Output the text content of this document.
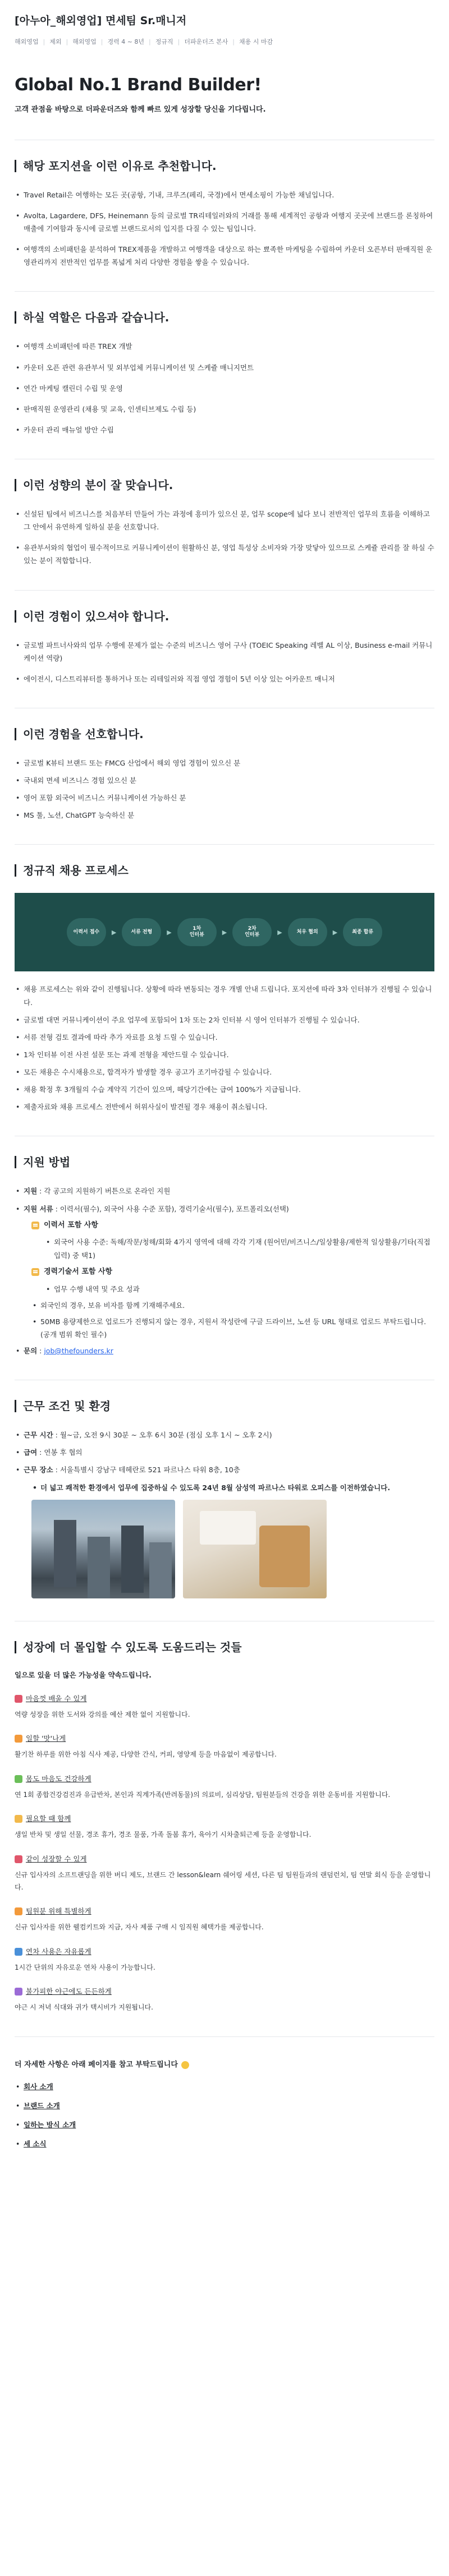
[아누아_해외영업] 면세팀 Sr.매니저
해외영업 | 제외 | 해외영업 | 경력 4 ~ 8년 | 정규직 | 더파운더즈 본사 | 채용 시 마감
Global No.1 Brand Builder!
고객 관점을 바탕으로 더파운더즈와 함께 빠르 있게 성장할 당신을 기다립니다.
해당 포지션을 이런 이유로 추천합니다.
• Travel Retail은 여행하는 모든 곳(공항, 기내, 크루즈(페리, 국경)에서 면세소핑이 가능한 채널입니다.
• Avolta, Lagardere, DFS, Heinemann 등의 글로벌 TR리테일러와의 거래를 통해 세계적인 공항과 여행지 곳곳에 브랜드를 론칭하여 매출에 기여함과 동시에 글로벌 브랜드로서의 입지를 다질 수 있는 팀입니다.
• 여행객의 소비패턴을 분석하여 TREX제품을 개발하고 여행객을 대상으로 하는 뾰족한 마케팅을 수립하여 카운터 오픈부터 판매직원 운영관리까지 전반적인 업무를 폭넓게 처리 다양한 경험을 쌓을 수 있습니다.
하실 역할은 다음과 같습니다.
• 여행객 소비패턴에 따른 TREX 개발
• 카운터 오픈 관련 유관부서 및 외부업체 커뮤니케이션 및 스케쥴 매니지먼트
• 연간 마케팅 캘린더 수립 및 운영
• 판매직원 운영관리 (채용 및 교육, 인센티브제도 수립 등)
• 카운터 관리 매뉴얼 방안 수립
이런 성향의 분이 잘 맞습니다.
• 신설된 팀에서 비즈니스를 처음부터 만들어 가는 과정에 흥미가 있으신 분, 업무 scope에 넓다 보니 전반적인 업무의 흐름을 이해하고 그 안에서 유연하게 일하실 분을 선호합니다.
• 유관부서와의 협업이 필수적이므로 커뮤니케이션이 원활하신 분, 영업 특성상 소비자와 가장 맞닿아 있으므로 스케쥴 관리를 잘 하실 수 있는 분이 적합합니다.
이런 경험이 있으셔야 합니다.
• 글로벌 파트너사와의 업무 수행에 문제가 없는 수준의 비즈니스 영어 구사 (TOEIC Speaking 레벨 AL 이상, Business e-mail 커뮤니케이션 역량)
• 에이전시, 디스트리뷰터를 통하거나 또는 리테일러와 직접 영업 경험이 5년 이상 있는 어카운트 매니저
이런 경험을 선호합니다.
• 글로벌 K뷰티 브랜드 또는 FMCG 산업에서 해외 영업 경험이 있으신 분
• 국내외 면세 비즈니스 경험 있으신 분
• 영어 포함 외국어 비즈니스 커뮤니케이션 가능하신 분
• MS 툴, 노션, ChatGPT 능숙하신 분
정규직 채용 프로세스
이력서 접수	▶	서류 전형	▶	1차
인터뷰	▶	2차
인터뷰	▶	처우 협의	▶	최종 합류
• 채용 프로세스는 위와 같이 진행됩니다. 상황에 따라 변동되는 경우 개별 안내 드립니다. 포지션에 따라 3차 인터뷰가 진행될 수 있습니다.
• 글로벌 대면 커뮤니케이션이 주요 업무에 포함되어 1차 또는 2차 인터뷰 시 영어 인터뷰가 진행될 수 있습니다.
• 서류 전형 검토 결과에 따라 추가 자료를 요청 드릴 수 있습니다.
• 1차 인터뷰 이전 사전 설문 또는 과제 전형을 제안드릴 수 있습니다.
• 모든 채용은 수시채용으로, 합격자가 발생할 경우 공고가 조기마감될 수 있습니다.
• 채용 확정 후 3개월의 수습 계약직 기간이 있으며, 해당기간에는 급여 100%가 지급됩니다.
• 제출자료와 채용 프로세스 전반에서 허위사실이 발견될 경우 채용이 취소됩니다.
지원 방법
• 지원 : 각 공고의 지원하기 버튼으로 온라인 지원
• 지원 서류 : 이력서(필수), 외국어 사용 수준 포함), 경력기술서(필수), 포트폴리오(선택)
이력서 포함 사항
• 외국어 사용 수준: 독해/작문/청해/회화 4가지 영역에 대해 각각 기재 (원어민/비즈니스/일상활용/제한적 일상활용/기타(직접 입력) 중 택1)
경력기술서 포함 사항
• 업무 수행 내역 및 주요 성과
• 외국인의 경우, 보유 비자를 함께 기재해주세요.
• 50MB 용량제한으로 업로드가 진행되지 않는 경우, 지원서 작성란에 구글 드라이브, 노션 등 URL 형태로 업로드 부탁드립니다. (공개 범위 확인 필수)
• 문의 : job@thefounders.kr
근무 조건 및 환경
• 근무 시간 : 월~금, 오전 9시 30분 ~ 오후 6시 30분 (점심 오후 1시 ~ 오후 2시)
• 급여 : 연봉 후 협의
• 근무 장소 : 서울특별시 강남구 테헤란로 521 파르나스 타워 8층, 10층
• 더 넓고 쾌적한 환경에서 업무에 집중하실 수 있도록 24년 8월 삼성역 파르나스 타워로 오피스를 이전하였습니다.
성장에 더 몰입할 수 있도록 도움드리는 것들
일으로 있을 더 많은 가능성을 약속드립니다.
마음껏 배울 수 있게
역량 성장을 위한 도서와 강의를 예산 제한 없이 지원합니다.
일할 '맛'나게
활기찬 하루를 위한 아침 식사 제공, 다양한 간식, 커피, 영양제 등을 마음없이 제공합니다.
몸도 마음도 건강하게
연 1회 종합건강검진과 유급반차, 본인과 직계가족(반려동물)의 의료비, 심리상담, 팀원분들의 건강을 위한 운동비를 지원합니다.
필요할 때 함께
생일 반차 및 생일 선물, 경조 휴가, 경조 물품, 가족 돌봄 휴가, 육아기 시차출퇴근제 등을 운영합니다.
같이 성장할 수 있게
신규 입사자의 소프트랜딩을 위한 버디 제도, 브랜드 간 lesson&learn 쉐어링 세션, 다른 팀 팀원들과의 랜덤런치, 팀 연말 회식 등을 운영합니다.
팀원분 위해 특별하게
신규 입사자를 위한 웰컴키트와 지금, 자사 제품 구매 시 임직원 혜택가를 제공합니다.
연차 사용은 자유롭게
1시간 단위의 자유로운 연차 사용이 가능합니다.
불가피한 야근에도 든든하게
야근 시 저녁 식대와 귀가 택시비가 지원됩니다.
더 자세한 사항은 아래 페이지를 참고 부탁드립니다
• 회사 소개
• 브랜드 소개
• 일하는 방식 소개
• 세 소식
